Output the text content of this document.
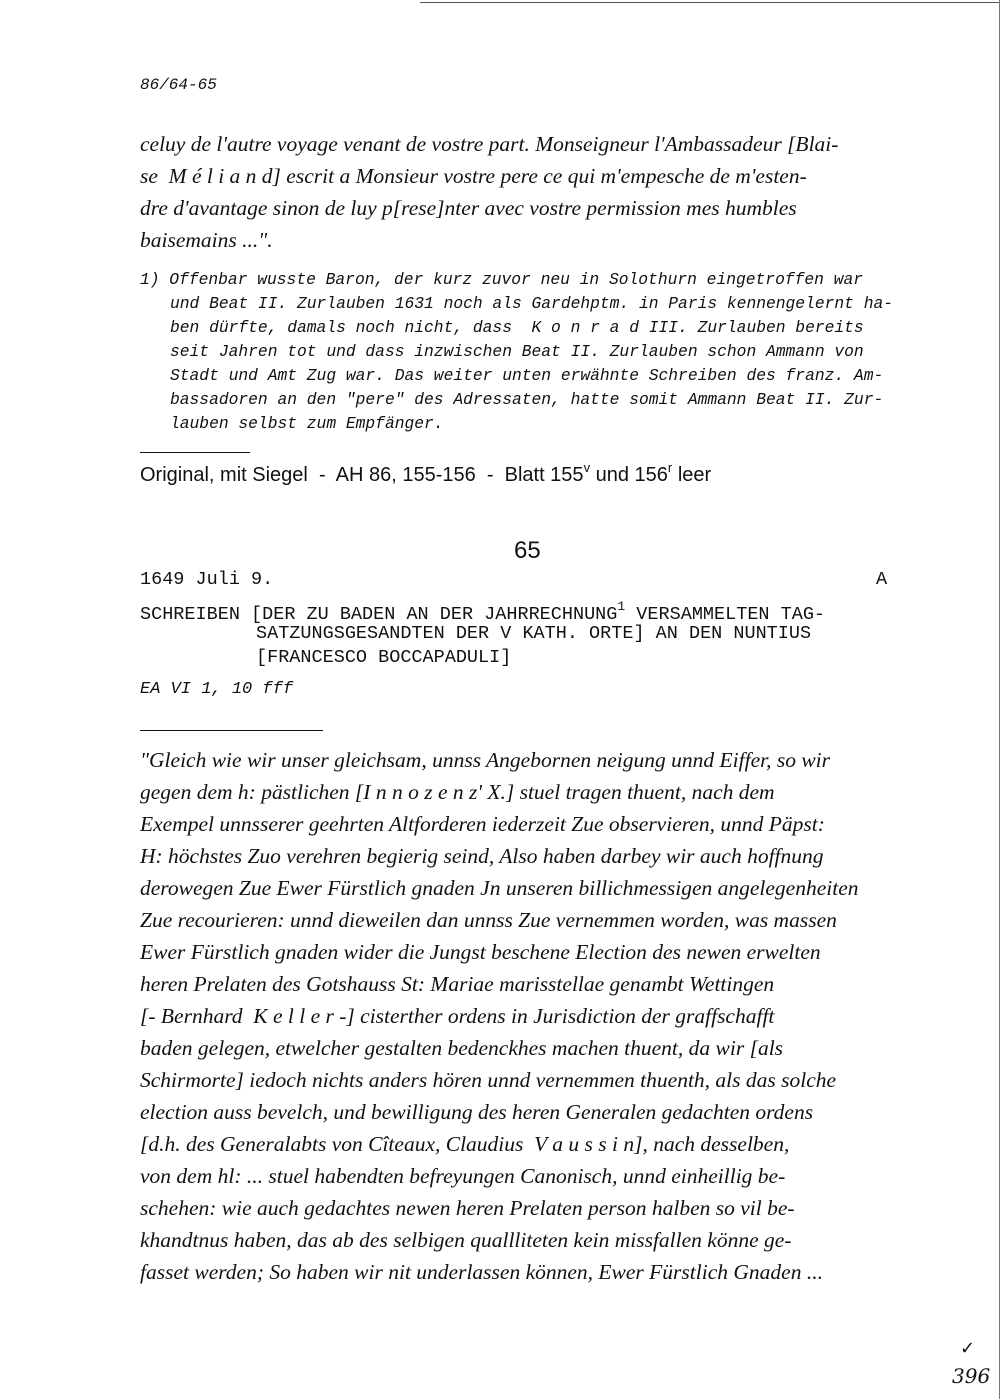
86/64-65
celuy de l'autre voyage venant de vostre part. Monseigneur l'Ambassadeur [Blai-
se  M é l i a n d] escrit a Monsieur vostre pere ce qui m'empesche de m'esten-
dre d'avantage sinon de luy p[rese]nter avec vostre permission mes humbles
baisemains ...".
1) Offenbar wusste Baron, der kurz zuvor neu in Solothurn eingetroffen war
und Beat II. Zurlauben 1631 noch als Gardehptm. in Paris kennengelernt ha-
ben dürfte, damals noch nicht, dass  K o n r a d III. Zurlauben bereits
seit Jahren tot und dass inzwischen Beat II. Zurlauben schon Ammann von
Stadt und Amt Zug war. Das weiter unten erwähnte Schreiben des franz. Am-
bassadoren an den "pere" des Adressaten, hatte somit Ammann Beat II. Zur-
lauben selbst zum Empfänger.
Original, mit Siegel  -  AH 86, 155-156  -  Blatt 155$^v$ und 156$^r$ leer
65
1649 Juli 9.	A
SCHREIBEN [DER ZU BADEN AN DER JAHRRECHNUNG$^1$ VERSAMMELTEN TAG-
SATZUNGSGESANDTEN DER V KATH. ORTE] AN DEN NUNTIUS
[FRANCESCO BOCCAPADULI]
EA VI 1, 10 fff
"Gleich wie wir unser gleichsam, unnss Angebornen neigung unnd Eiffer, so wir
gegen dem h: pästlichen [I n n o z e n z' X.] stuel tragen thuent, nach dem
Exempel unnsserer geehrten Altforderen iederzeit Zue observieren, unnd Päpst:
H: höchstes Zuo verehren begierig seind, Also haben darbey wir auch hoffnung
derowegen Zue Ewer Fürstlich gnaden Jn unseren billichmessigen angelegenheiten
Zue recourieren: unnd dieweilen dan unnss Zue vernemmen worden, was massen
Ewer Fürstlich gnaden wider die Jungst beschene Election des newen erwelten
heren Prelaten des Gotshauss St: Mariae marisstellae genambt Wettingen
[- Bernhard  K e l l e r -] cisterther ordens in Jurisdiction der graffschafft
baden gelegen, etwelcher gestalten bedenckhes machen thuent, da wir [als
Schirmorte] iedoch nichts anders hören unnd vernemmen thuenth, als das solche
election auss bevelch, und bewilligung des heren Generalen gedachten ordens
[d.h. des Generalabts von Cîteaux, Claudius  V a u s s i n], nach desselben,
von dem hl: ... stuel habendten befreyungen Canonisch, unnd einheillig be-
schehen: wie auch gedachtes newen heren Prelaten person halben so vil be-
khandtnus haben, das ab des selbigen quallliteten kein missfallen könne ge-
fasset werden; So haben wir nit underlassen können, Ewer Fürstlich Gnaden ...
✓
396
